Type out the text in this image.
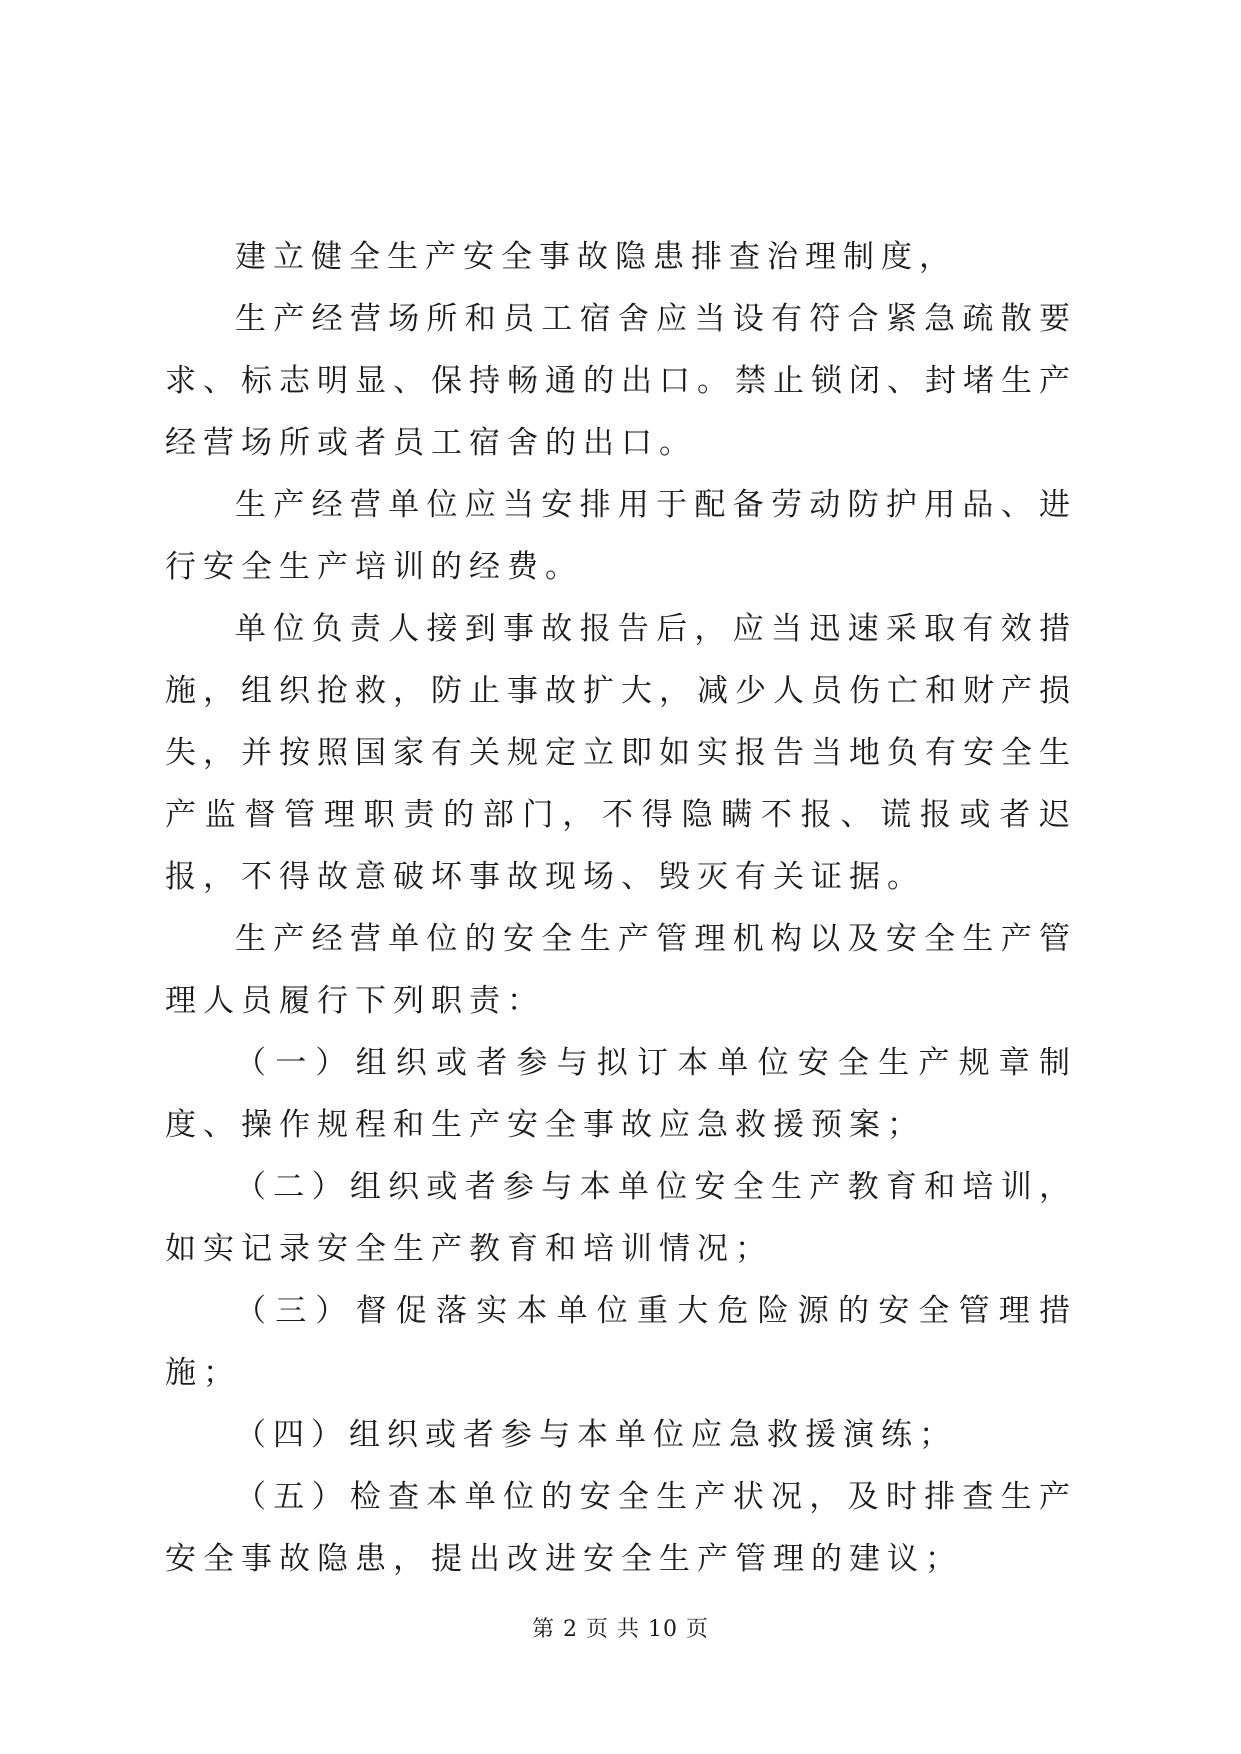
建立健全生产安全事故隐患排查治理制度，

生产经营场所和员工宿舍应当设有符合紧急疏散要求、标志明显、保持畅通的出口。禁止锁闭、封堵生产经营场所或者员工宿舍的出口。

生产经营单位应当安排用于配备劳动防护用品、进行安全生产培训的经费。

单位负责人接到事故报告后，应当迅速采取有效措施，组织抢救，防止事故扩大，减少人员伤亡和财产损失，并按照国家有关规定立即如实报告当地负有安全生产监督管理职责的部门，不得隐瞒不报、谎报或者迟报，不得故意破坏事故现场、毁灭有关证据。

生产经营单位的安全生产管理机构以及安全生产管理人员履行下列职责：

（一）组织或者参与拟订本单位安全生产规章制度、操作规程和生产安全事故应急救援预案；

（二）组织或者参与本单位安全生产教育和培训，如实记录安全生产教育和培训情况；

（三）督促落实本单位重大危险源的安全管理措施；

（四）组织或者参与本单位应急救援演练；

（五）检查本单位的安全生产状况，及时排查生产安全事故隐患，提出改进安全生产管理的建议；

第 2 页 共 10 页
